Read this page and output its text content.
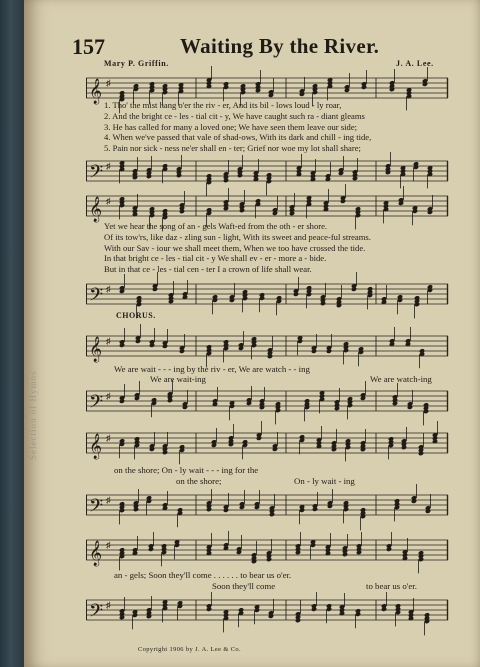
Selection of Hymns
157	Waiting By the River.
Mary P. Griffin.	J. A. Lee.
𝄞 ♯
1. Tho' the mist hang o'er the riv - er, And its bil - lows loud - ly roar,
2. And the bright ce - les - tial cit - y, We have caught such ra - diant gleams
3. He has called for many a loved one; We have seen them leave our side;
4. When we've passed that vale of shad-ows, With its dark and chill - ing tide,
5. Pain nor sick - ness ne'er shall en - ter; Grief nor woe my lot shall share;
𝄢 ♯
𝄞 ♯
Yet we hear the song of an - gels Waft-ed from the oth - er shore.
Of its tow'rs, like daz - zling sun - light, With its sweet and peace-ful streams.
With our Sav - iour we shall meet them, When we too have crossed the tide.
In that bright ce - les - tial cit - y We shall ev - er - more a - bide.
But in that ce - les - tial cen - ter I a crown of life shall wear.
𝄢 ♯
CHORUS.
𝄞 ♯
We are wait - - - ing by the riv - er, We are watch - - ing
We are wait-ing	We are watch-ing
𝄢 ♯
𝄞 ♯
on the shore; On - ly wait - - - ing for the
on the shore;	On - ly wait - ing
𝄢 ♯
𝄞 ♯
an - gels; Soon they'll come . . . . . . to bear us o'er.
Soon they'll come	to bear us o'er.
𝄢 ♯
Copyright 1906 by J. A. Lee & Co.
